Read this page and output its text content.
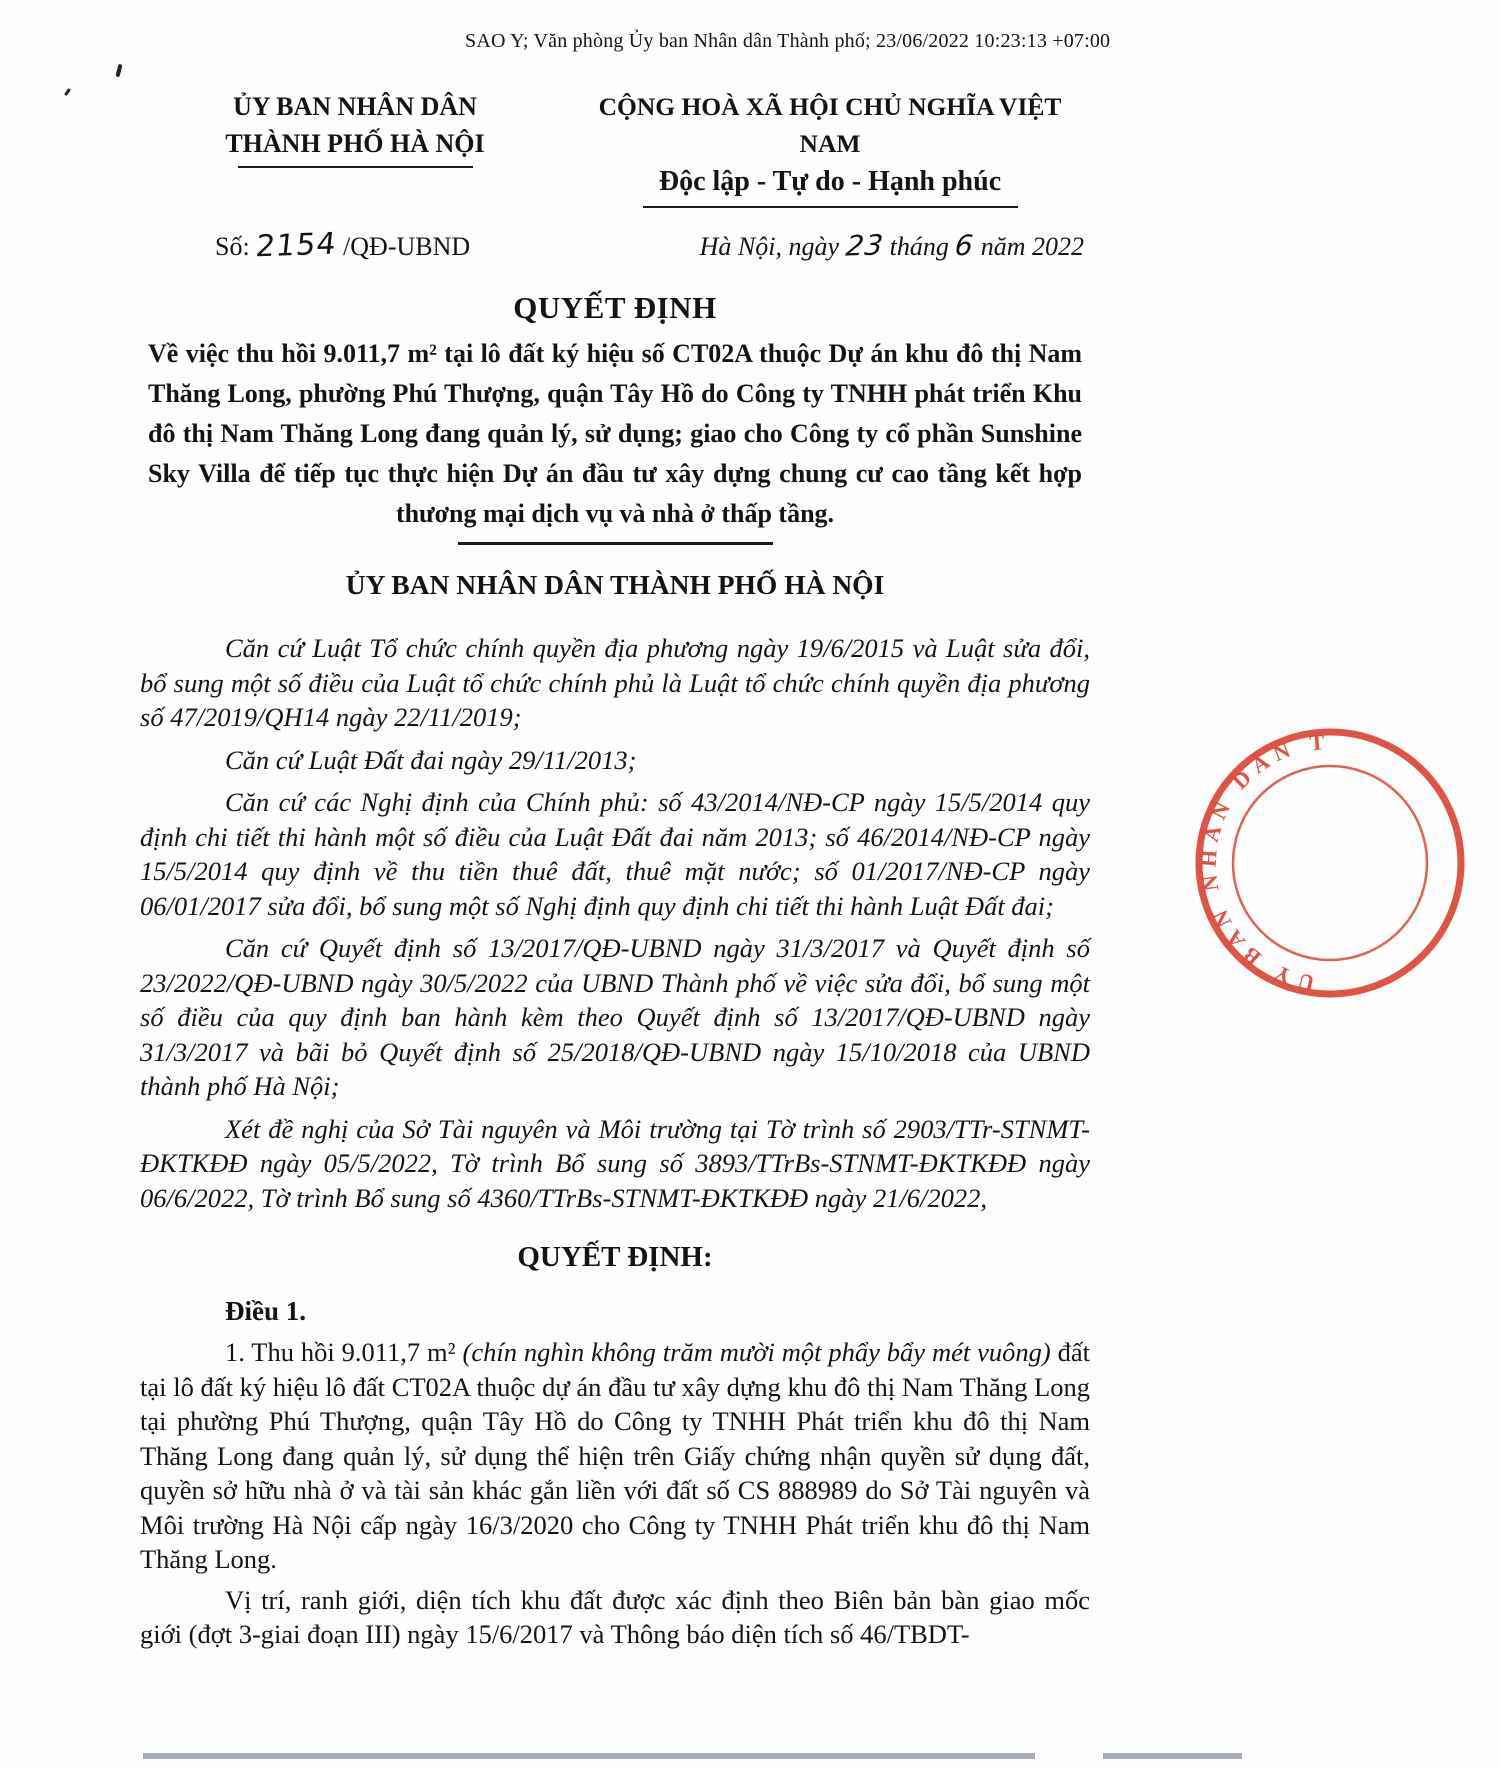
SAO Y; Văn phòng Ủy ban Nhân dân Thành phố; 23/06/2022 10:23:13 +07:00
ỦY BAN NHÂN DÂN
THÀNH PHỐ HÀ NỘI
CỘNG HOÀ XÃ HỘI CHỦ NGHĨA VIỆT NAM
Độc lập - Tự do - Hạnh phúc
Số: 2154 /QĐ-UBND	Hà Nội, ngày 23 tháng 6 năm 2022
QUYẾT ĐỊNH
Về việc thu hồi 9.011,7 m² tại lô đất ký hiệu số CT02A thuộc Dự án khu đô thị Nam Thăng Long, phường Phú Thượng, quận Tây Hồ do Công ty TNHH phát triển Khu đô thị Nam Thăng Long đang quản lý, sử dụng; giao cho Công ty cổ phần Sunshine Sky Villa để tiếp tục thực hiện Dự án đầu tư xây dựng chung cư cao tầng kết hợp thương mại dịch vụ và nhà ở thấp tầng.
ỦY BAN NHÂN DÂN THÀNH PHỐ HÀ NỘI

Căn cứ Luật Tổ chức chính quyền địa phương ngày 19/6/2015 và Luật sửa đổi, bổ sung một số điều của Luật tổ chức chính phủ là Luật tổ chức chính quyền địa phương số 47/2019/QH14 ngày 22/11/2019;

Căn cứ Luật Đất đai ngày 29/11/2013;

Căn cứ các Nghị định của Chính phủ: số 43/2014/NĐ-CP ngày 15/5/2014 quy định chi tiết thi hành một số điều của Luật Đất đai năm 2013; số 46/2014/NĐ-CP ngày 15/5/2014 quy định về thu tiền thuê đất, thuê mặt nước; số 01/2017/NĐ-CP ngày 06/01/2017 sửa đổi, bổ sung một số Nghị định quy định chi tiết thi hành Luật Đất đai;

Căn cứ Quyết định số 13/2017/QĐ-UBND ngày 31/3/2017 và Quyết định số 23/2022/QĐ-UBND ngày 30/5/2022 của UBND Thành phố về việc sửa đổi, bổ sung một số điều của quy định ban hành kèm theo Quyết định số 13/2017/QĐ-UBND ngày 31/3/2017 và bãi bỏ Quyết định số 25/2018/QĐ-UBND ngày 15/10/2018 của UBND thành phố Hà Nội;

Xét đề nghị của Sở Tài nguyên và Môi trường tại Tờ trình số 2903/TTr-STNMT-ĐKTKĐĐ ngày 05/5/2022, Tờ trình Bổ sung số 3893/TTrBs-STNMT-ĐKTKĐĐ ngày 06/6/2022, Tờ trình Bổ sung số 4360/TTrBs-STNMT-ĐKTKĐĐ ngày 21/6/2022,

QUYẾT ĐỊNH:

Điều 1.

1. Thu hồi 9.011,7 m² (chín nghìn không trăm mười một phẩy bẩy mét vuông) đất tại lô đất ký hiệu lô đất CT02A thuộc dự án đầu tư xây dựng khu đô thị Nam Thăng Long tại phường Phú Thượng, quận Tây Hồ do Công ty TNHH Phát triển khu đô thị Nam Thăng Long đang quản lý, sử dụng thể hiện trên Giấy chứng nhận quyền sử dụng đất, quyền sở hữu nhà ở và tài sản khác gắn liền với đất số CS 888989 do Sở Tài nguyên và Môi trường Hà Nội cấp ngày 16/3/2020 cho Công ty TNHH Phát triển khu đô thị Nam Thăng Long.

Vị trí, ranh giới, diện tích khu đất được xác định theo Biên bản bàn giao mốc giới (đợt 3-giai đoạn III) ngày 15/6/2017 và Thông báo diện tích số 46/TBDT-

ỦY BAN NHÂN DÂN T
